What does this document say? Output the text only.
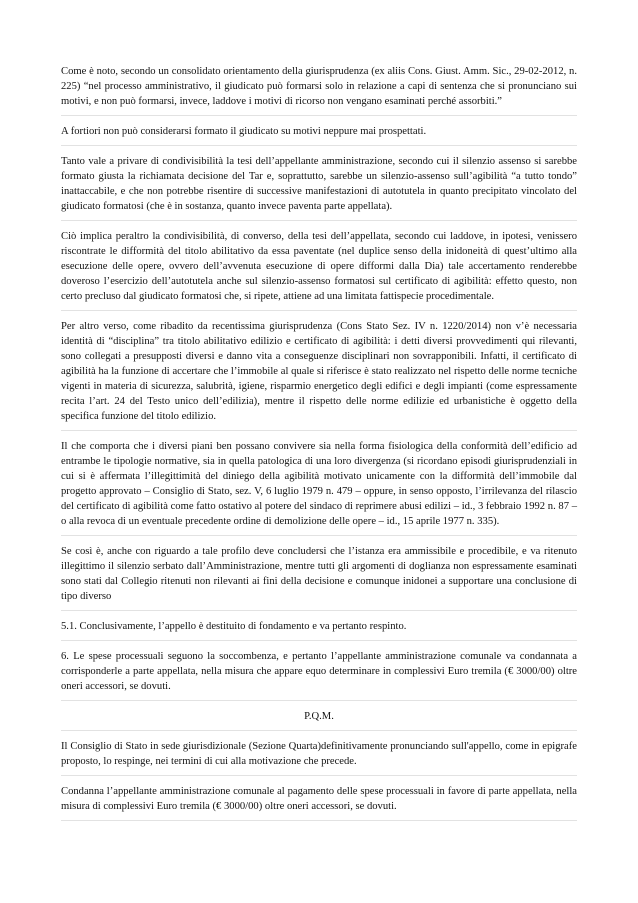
Come è noto, secondo un consolidato orientamento della giurisprudenza (ex aliis Cons. Giust. Amm. Sic., 29-02-2012, n. 225) “nel processo amministrativo, il giudicato può formarsi solo in relazione a capi di sentenza che si pronunciano sui motivi, e non può formarsi, invece, laddove i motivi di ricorso non vengano esaminati perché assorbiti.”

A fortiori non può considerarsi formato il giudicato su motivi neppure mai prospettati.

Tanto vale a privare di condivisibilità la tesi dell’appellante amministrazione, secondo cui il silenzio assenso si sarebbe formato giusta la richiamata decisione del Tar e, soprattutto, sarebbe un silenzio-assenso sull’agibilità “a tutto tondo” inattaccabile, e che non potrebbe risentire di successive manifestazioni di autotutela in quanto precipitato vincolato del giudicato formatosi (che è in sostanza, quanto invece paventa parte appellata).

Ciò implica peraltro la condivisibilità, di converso, della tesi dell’appellata, secondo cui laddove, in ipotesi, venissero riscontrate le difformità del titolo abilitativo da essa paventate (nel duplice senso della inidoneità di quest’ultimo alla esecuzione delle opere, ovvero dell’avvenuta esecuzione di opere difformi dalla Dia) tale accertamento renderebbe doveroso l’esercizio dell’autotutela anche sul silenzio-assenso formatosi sul certificato di agibilità: effetto questo, non certo precluso dal giudicato formatosi che, si ripete, attiene ad una limitata fattispecie procedimentale.

Per altro verso, come ribadito da recentissima giurisprudenza (Cons Stato Sez. IV n. 1220/2014) non v’è necessaria identità di “disciplina” tra titolo abilitativo edilizio e certificato di agibilità: i detti diversi provvedimenti qui rilevanti, sono collegati a presupposti diversi e danno vita a conseguenze disciplinari non sovrapponibili. Infatti, il certificato di agibilità ha la funzione di accertare che l’immobile al quale si riferisce è stato realizzato nel rispetto delle norme tecniche vigenti in materia di sicurezza, salubrità, igiene, risparmio energetico degli edifici e degli impianti (come espressamente recita l’art. 24 del Testo unico dell’edilizia), mentre il rispetto delle norme edilizie ed urbanistiche è oggetto della specifica funzione del titolo edilizio.

Il che comporta che i diversi piani ben possano convivere sia nella forma fisiologica della conformità dell’edificio ad entrambe le tipologie normative, sia in quella patologica di una loro divergenza (si ricordano episodi giurisprudenziali in cui si è affermata l’illegittimità del diniego della agibilità motivato unicamente con la difformità dell’immobile dal progetto approvato – Consiglio di Stato, sez. V, 6 luglio 1979 n. 479 – oppure, in senso opposto, l’irrilevanza del rilascio del certificato di agibilità come fatto ostativo al potere del sindaco di reprimere abusi edilizi – id., 3 febbraio 1992 n. 87 – o alla revoca di un eventuale precedente ordine di demolizione delle opere – id., 15 aprile 1977 n. 335).

Se così è, anche con riguardo a tale profilo deve concludersi che l’istanza era ammissibile e procedibile, e va ritenuto illegittimo il silenzio serbato dall’Amministrazione, mentre tutti gli argomenti di doglianza non espressamente esaminati sono stati dal Collegio ritenuti non rilevanti ai fini della decisione e comunque inidonei a supportare una conclusione di tipo diverso

5.1. Conclusivamente, l’appello è destituito di fondamento e va pertanto respinto.

6. Le spese processuali seguono la soccombenza, e pertanto l’appellante amministrazione comunale va condannata a corrisponderle a parte appellata, nella misura che appare equo determinare in complessivi Euro tremila (€ 3000/00) oltre oneri accessori, se dovuti.

P.Q.M.

Il Consiglio di Stato in sede giurisdizionale (Sezione Quarta)definitivamente pronunciando sull'appello, come in epigrafe proposto, lo respinge, nei termini di cui alla motivazione che precede.

Condanna l’appellante amministrazione comunale al pagamento delle spese processuali in favore di parte appellata, nella misura di complessivi Euro tremila (€ 3000/00) oltre oneri accessori, se dovuti.
